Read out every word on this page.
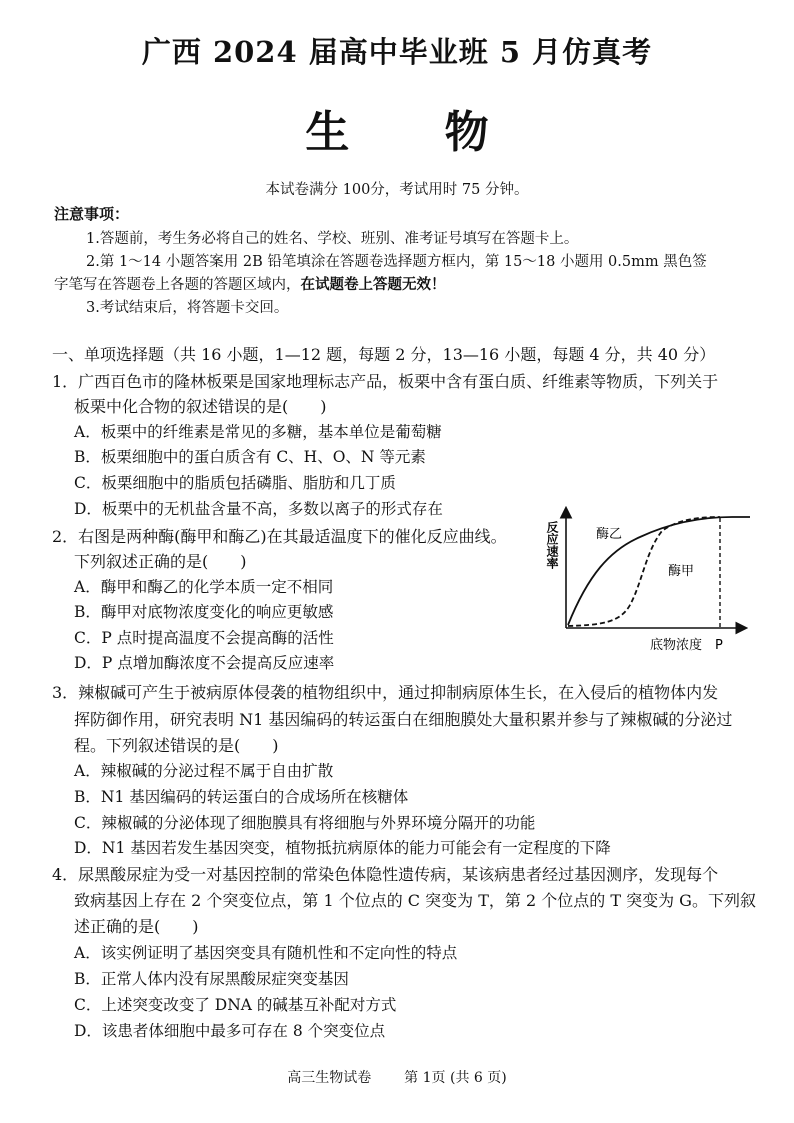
广西 2024 届高中毕业班 5 月仿真考
生 物
本试卷满分 100分，考试用时 75 分钟。
注意事项：
1.答题前，考生务必将自己的姓名、学校、班别、准考证号填写在答题卡上。
2.第 1～14 小题答案用 2B 铅笔填涂在答题卷选择题方框内，第 15～18 小题用 0.5mm 黑色签
字笔写在答题卷上各题的答题区域内，在试题卷上答题无效！
3.考试结束后，将答题卡交回。
一、单项选择题（共 16 小题，1—12 题，每题 2 分，13—16 小题，每题 4 分，共 40 分）
1．广西百色市的隆林板栗是国家地理标志产品，板栗中含有蛋白质、纤维素等物质，下列关于
板栗中化合物的叙述错误的是(　　)
A．板栗中的纤维素是常见的多糖，基本单位是葡萄糖
B．板栗细胞中的蛋白质含有 C、H、O、N 等元素
C．板栗细胞中的脂质包括磷脂、脂肪和几丁质
D．板栗中的无机盐含量不高，多数以离子的形式存在
2．右图是两种酶(酶甲和酶乙)在其最适温度下的催化反应曲线。
下列叙述正确的是(　　)
A．酶甲和酶乙的化学本质一定不相同
B．酶甲对底物浓度变化的响应更敏感
C．P 点时提高温度不会提高酶的活性
D．P 点增加酶浓度不会提高反应速率
反应速率	酶乙
酶甲
底物浓度 P
3．辣椒碱可产生于被病原体侵袭的植物组织中，通过抑制病原体生长，在入侵后的植物体内发
挥防御作用，研究表明 N1 基因编码的转运蛋白在细胞膜处大量积累并参与了辣椒碱的分泌过
程。下列叙述错误的是(　　)
A．辣椒碱的分泌过程不属于自由扩散
B．N1 基因编码的转运蛋白的合成场所在核糖体
C．辣椒碱的分泌体现了细胞膜具有将细胞与外界环境分隔开的功能
D．N1 基因若发生基因突变，植物抵抗病原体的能力可能会有一定程度的下降
4．尿黑酸尿症为受一对基因控制的常染色体隐性遗传病，某该病患者经过基因测序，发现每个
致病基因上存在 2 个突变位点，第 1 个位点的 C 突变为 T，第 2 个位点的 T 突变为 G。下列叙
述正确的是(　　)
A．该实例证明了基因突变具有随机性和不定向性的特点
B．正常人体内没有尿黑酸尿症突变基因
C．上述突变改变了 DNA 的碱基互补配对方式
D．该患者体细胞中最多可存在 8 个突变位点
高三生物试卷 第 1页 (共 6 页)
